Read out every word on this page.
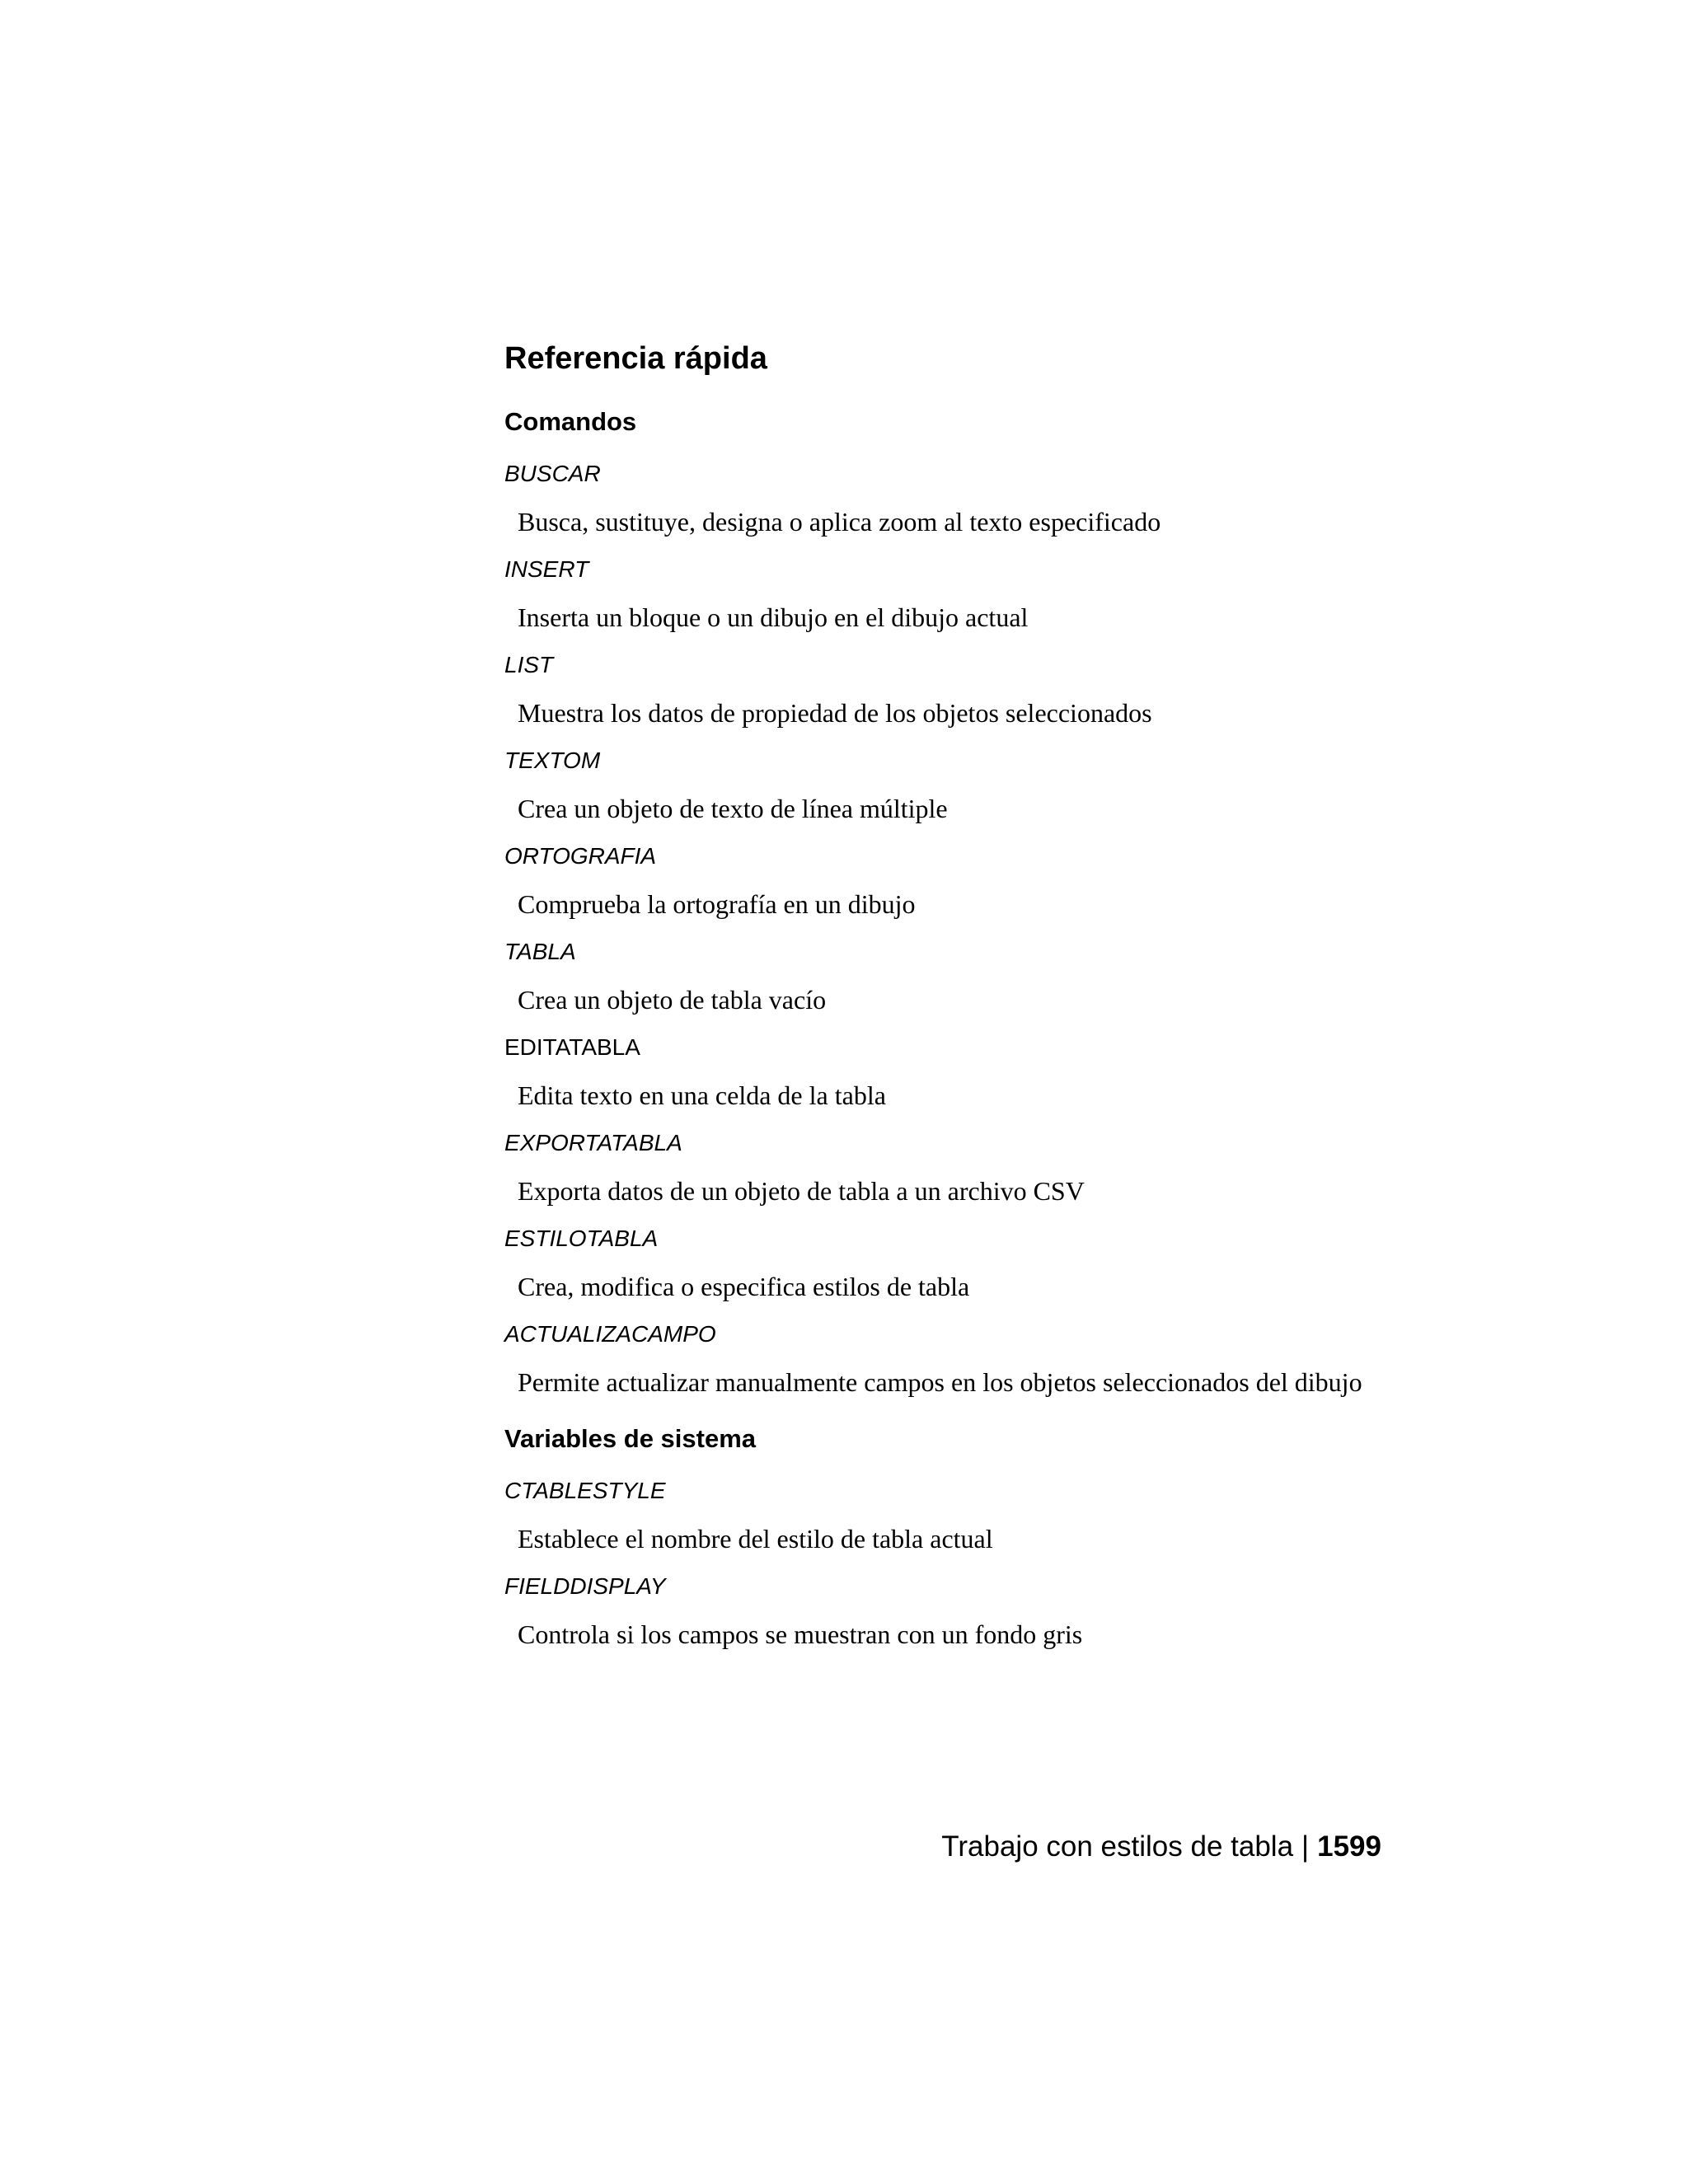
Referencia rápida
Comandos
BUSCAR
Busca, sustituye, designa o aplica zoom al texto especificado
INSERT
Inserta un bloque o un dibujo en el dibujo actual
LIST
Muestra los datos de propiedad de los objetos seleccionados
TEXTOM
Crea un objeto de texto de línea múltiple
ORTOGRAFIA
Comprueba la ortografía en un dibujo
TABLA
Crea un objeto de tabla vacío
EDITATABLA
Edita texto en una celda de la tabla
EXPORTATABLA
Exporta datos de un objeto de tabla a un archivo CSV
ESTILOTABLA
Crea, modifica o especifica estilos de tabla
ACTUALIZACAMPO
Permite actualizar manualmente campos en los objetos seleccionados del dibujo
Variables de sistema
CTABLESTYLE
Establece el nombre del estilo de tabla actual
FIELDDISPLAY
Controla si los campos se muestran con un fondo gris
Trabajo con estilos de tabla | 1599
